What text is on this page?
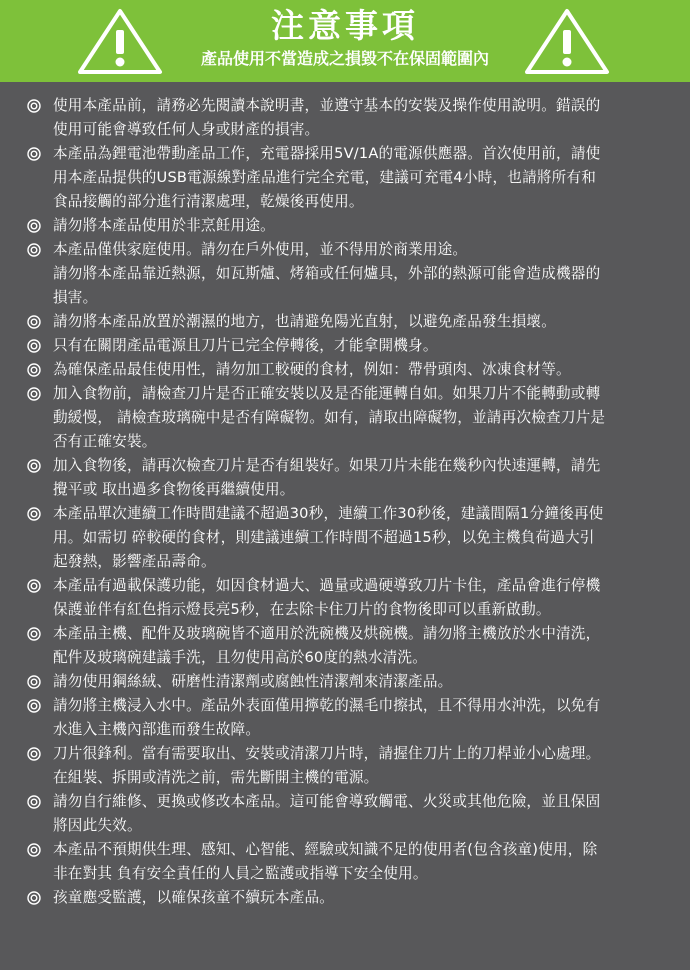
注意事項
產品使用不當造成之損毀不在保固範圍內
使用本產品前，請務必先閱讀本說明書，並遵守基本的安裝及操作使用說明。錯誤的
使用可能會導致任何人身或財產的損害。
本產品為鋰電池帶動產品工作，充電器採用5V/1A的電源供應器。首次使用前，請使
用本產品提供的USB電源線對產品進行完全充電，建議可充電4小時，也請將所有和
食品接觸的部分進行清潔處理，乾燥後再使用。
請勿將本產品使用於非烹飪用途。
本產品僅供家庭使用。請勿在戶外使用，並不得用於商業用途。
請勿將本產品靠近熱源，如瓦斯爐、烤箱或任何爐具，外部的熱源可能會造成機器的
損害。
請勿將本產品放置於潮濕的地方，也請避免陽光直射，以避免產品發生損壞。
只有在關閉產品電源且刀片已完全停轉後，才能拿開機身。
為確保產品最佳使用性，請勿加工較硬的食材，例如：帶骨頭肉、冰凍食材等。
加入食物前，請檢查刀片是否正確安裝以及是否能運轉自如。如果刀片不能轉動或轉
動緩慢， 請檢查玻璃碗中是否有障礙物。如有，請取出障礙物，並請再次檢查刀片是
否有正確安裝。
加入食物後，請再次檢查刀片是否有組裝好。如果刀片未能在幾秒內快速運轉，請先
攪平或 取出過多食物後再繼續使用。
本產品單次連續工作時間建議不超過30秒，連續工作30秒後，建議間隔1分鐘後再使
用。如需切 碎較硬的食材，則建議連續工作時間不超過15秒，以免主機負荷過大引
起發熱，影響產品壽命。
本產品有過載保護功能，如因食材過大、過量或過硬導致刀片卡住，產品會進行停機
保護並伴有紅色指示燈長亮5秒，在去除卡住刀片的食物後即可以重新啟動。
本產品主機、配件及玻璃碗皆不適用於洗碗機及烘碗機。請勿將主機放於水中清洗，
配件及玻璃碗建議手洗，且勿使用高於60度的熱水清洗。
請勿使用鋼絲絨、研磨性清潔劑或腐蝕性清潔劑來清潔產品。
請勿將主機浸入水中。產品外表面僅用擰乾的濕毛巾擦拭，且不得用水沖洗，以免有
水進入主機內部進而發生故障。
刀片很鋒利。當有需要取出、安裝或清潔刀片時，請握住刀片上的刀桿並小心處理。
在組裝、拆開或清洗之前，需先斷開主機的電源。
請勿自行維修、更換或修改本產品。這可能會導致觸電、火災或其他危險，並且保固
將因此失效。
本產品不預期供生理、感知、心智能、經驗或知識不足的使用者(包含孩童)使用，除
非在對其 負有安全責任的人員之監護或指導下安全使用。
孩童應受監護，以確保孩童不續玩本產品。
